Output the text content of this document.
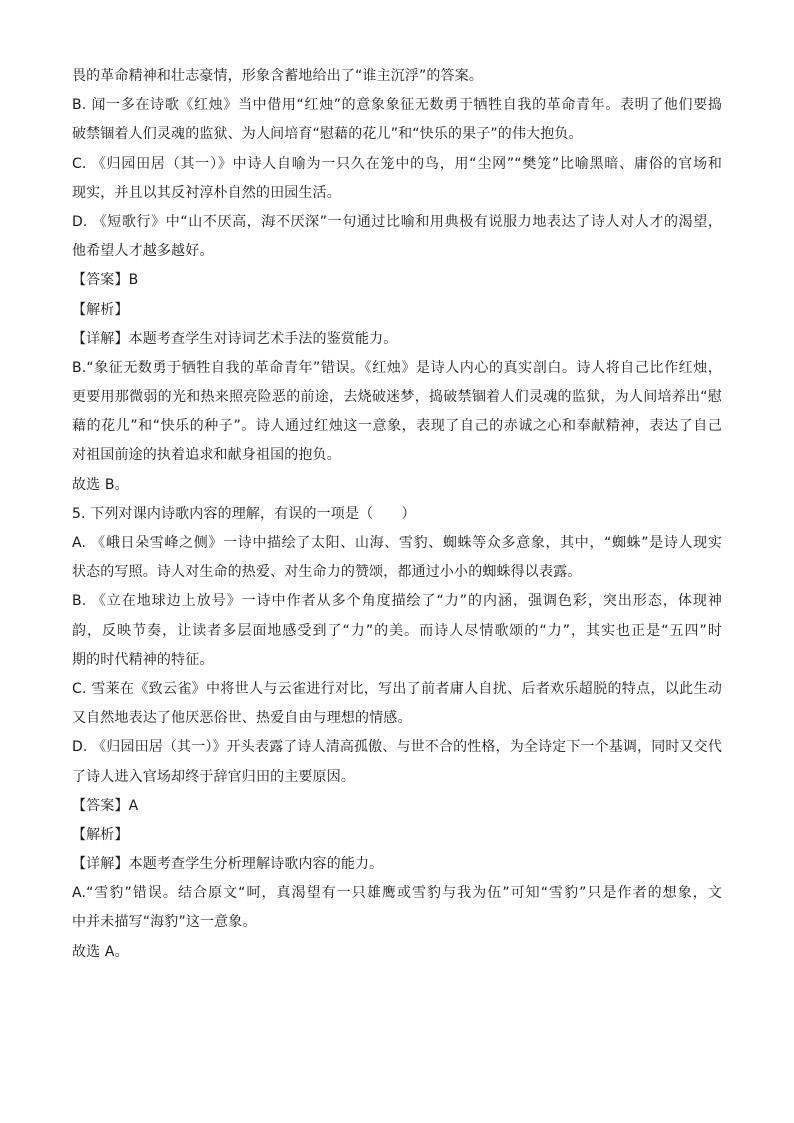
畏的革命精神和壮志豪情，形象含蓄地给出了“谁主沉浮”的答案。
B. 闻一多在诗歌《红烛》当中借用“红烛”的意象象征无数勇于牺牲自我的革命青年。表明了他们要捣
破禁锢着人们灵魂的监狱、为人间培育“慰藉的花儿”和“快乐的果子”的伟大抱负。
C. 《归园田居（其一）》中诗人自喻为一只久在笼中的鸟，用“尘网”“樊笼”比喻黑暗、庸俗的官场和
现实，并且以其反衬淳朴自然的田园生活。
D. 《短歌行》中“山不厌高，海不厌深”一句通过比喻和用典极有说服力地表达了诗人对人才的渴望，
他希望人才越多越好。
【答案】B
【解析】
【详解】本题考查学生对诗词艺术手法的鉴赏能力。
B.“象征无数勇于牺牲自我的革命青年”错误。《红烛》是诗人内心的真实剖白。诗人将自己比作红烛，
更要用那微弱的光和热来照亮险恶的前途，去烧破迷梦，捣破禁锢着人们灵魂的监狱，为人间培养出“慰
藉的花儿”和“快乐的种子”。诗人通过红烛这一意象，表现了自己的赤诚之心和奉献精神，表达了自己
对祖国前途的执着追求和献身祖国的抱负。
故选 B。
5. 下列对课内诗歌内容的理解，有误的一项是（　　）
A. 《峨日朵雪峰之侧》一诗中描绘了太阳、山海、雪豹、蜘蛛等众多意象，其中，“蜘蛛”是诗人现实
状态的写照。诗人对生命的热爱、对生命力的赞颂，都通过小小的蜘蛛得以表露。
B. 《立在地球边上放号》一诗中作者从多个角度描绘了“力”的内涵，强调色彩，突出形态，体现神
韵，反映节奏，让读者多层面地感受到了“力”的美。而诗人尽情歌颂的“力”，其实也正是“五四”时
期的时代精神的特征。
C. 雪莱在《致云雀》中将世人与云雀进行对比，写出了前者庸人自扰、后者欢乐超脱的特点，以此生动
又自然地表达了他厌恶俗世、热爱自由与理想的情感。
D. 《归园田居（其一）》开头表露了诗人清高孤傲、与世不合的性格，为全诗定下一个基调，同时又交代
了诗人进入官场却终于辞官归田的主要原因。
【答案】A
【解析】
【详解】本题考查学生分析理解诗歌内容的能力。
A.“雪豹”错误。结合原文“呵，真渴望有一只雄鹰或雪豹与我为伍”可知“雪豹”只是作者的想象，文
中并未描写“海豹”这一意象。
故选 A。
